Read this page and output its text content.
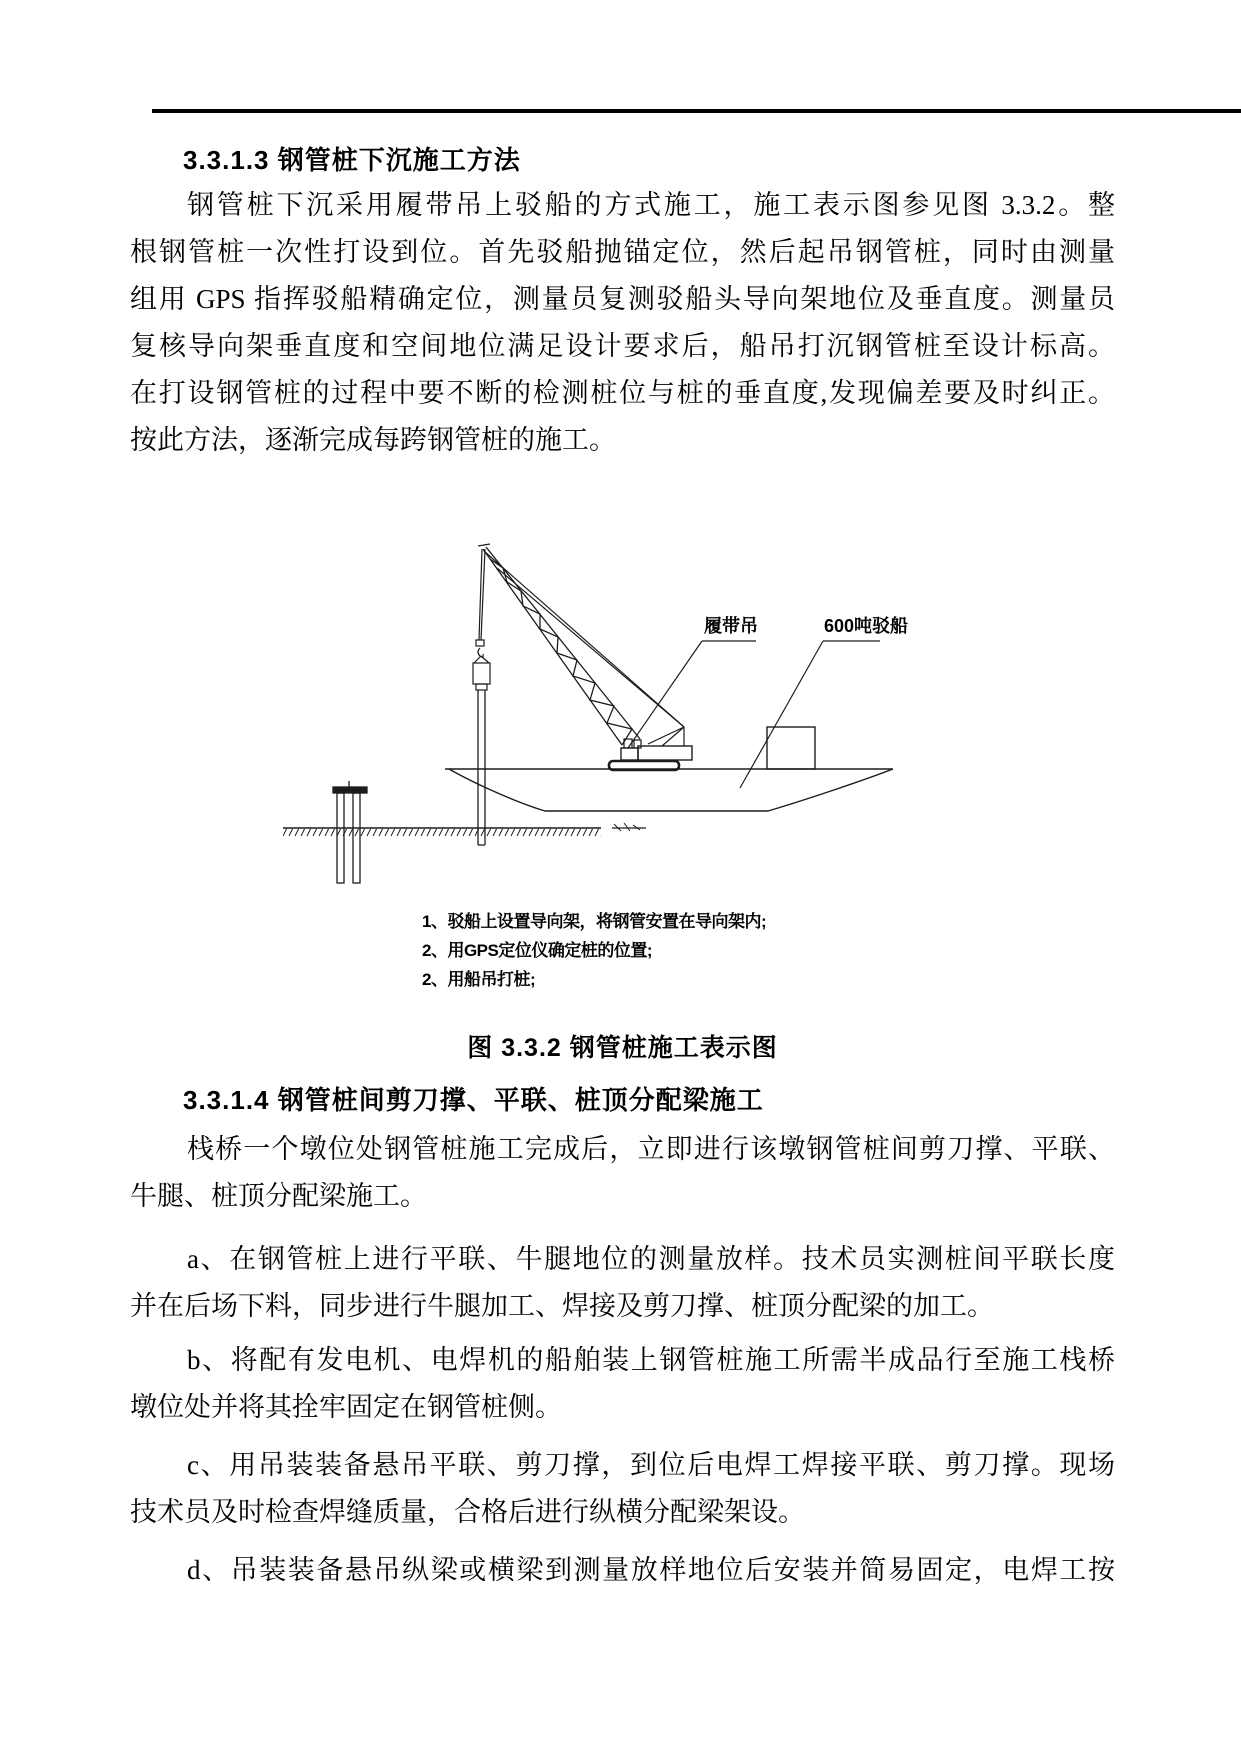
3.3.1.3 钢管桩下沉施工方法
钢管桩下沉采用履带吊上驳船的方式施工，施工表示图参见图 3.3.2。整
根钢管桩一次性打设到位。首先驳船抛锚定位，然后起吊钢管桩，同时由测量
组用 GPS 指挥驳船精确定位，测量员复测驳船头导向架地位及垂直度。测量员
复核导向架垂直度和空间地位满足设计要求后，船吊打沉钢管桩至设计标高。
在打设钢管桩的过程中要不断的检测桩位与桩的垂直度,发现偏差要及时纠正。
按此方法，逐渐完成每跨钢管桩的施工。
履带吊	600吨驳船
1、驳船上设置导向架，将钢管安置在导向架内;
2、用GPS定位仪确定桩的位置;
2、用船吊打桩;
图 3.3.2 钢管桩施工表示图
3.3.1.4 钢管桩间剪刀撑、平联、桩顶分配梁施工
栈桥一个墩位处钢管桩施工完成后，立即进行该墩钢管桩间剪刀撑、平联、
牛腿、桩顶分配梁施工。
a、在钢管桩上进行平联、牛腿地位的测量放样。技术员实测桩间平联长度
并在后场下料，同步进行牛腿加工、焊接及剪刀撑、桩顶分配梁的加工。
b、将配有发电机、电焊机的船舶装上钢管桩施工所需半成品行至施工栈桥
墩位处并将其拴牢固定在钢管桩侧。
c、用吊装装备悬吊平联、剪刀撑，到位后电焊工焊接平联、剪刀撑。现场
技术员及时检查焊缝质量，合格后进行纵横分配梁架设。
d、吊装装备悬吊纵梁或横梁到测量放样地位后安装并简易固定，电焊工按
